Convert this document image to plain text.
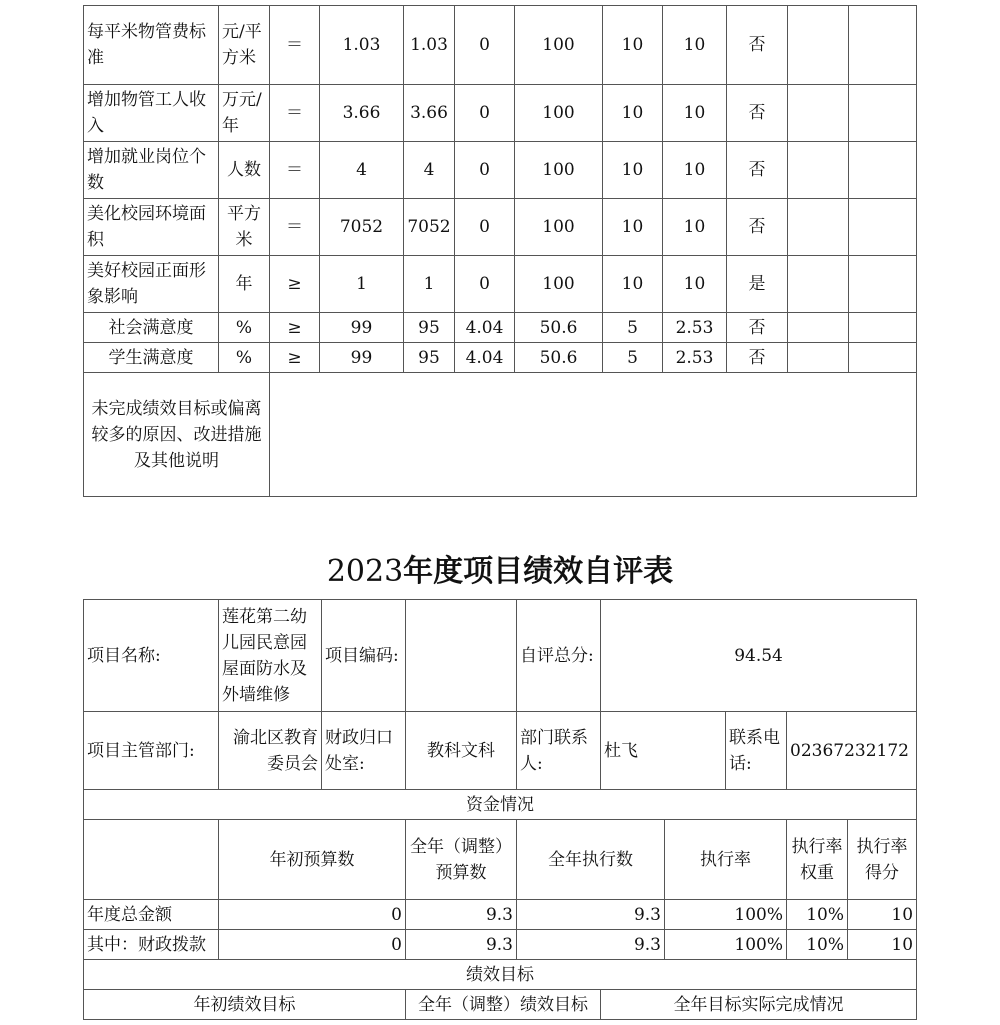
每平米物管费标准	元/平方米	＝	1.03	1.03	0	100	10	10	否		
增加物管工人收入	万元/年	＝	3.66	3.66	0	100	10	10	否		
增加就业岗位个数	人数	＝	4	4	0	100	10	10	否		
美化校园环境面积	平方米	＝	7052	7052	0	100	10	10	否		
美好校园正面形象影响	年	≥	1	1	0	100	10	10	是		
社会满意度	%	≥	99	95	4.04	50.6	5	2.53	否		
学生满意度	%	≥	99	95	4.04	50.6	5	2.53	否		
未完成绩效目标或偏离较多的原因、改进措施及其他说明											
2023年度项目绩效自评表
项目名称:	莲花第二幼儿园民意园屋面防水及外墙维修	项目编码:		自评总分:	94.54				
项目主管部门:	渝北区教育委员会	财政归口处室:	教科文科	部门联系人:	杜飞		联系电话:	02367232172	
资金情况									
	年初预算数		全年（调整）预算数	全年执行数		执行率		执行率权重	执行率得分
年度总金额	0		9.3	9.3		100%		10%	10
其中：财政拨款	0		9.3	9.3		100%		10%	10
绩效目标									
年初绩效目标			全年（调整）绩效目标		全年目标实际完成情况				
